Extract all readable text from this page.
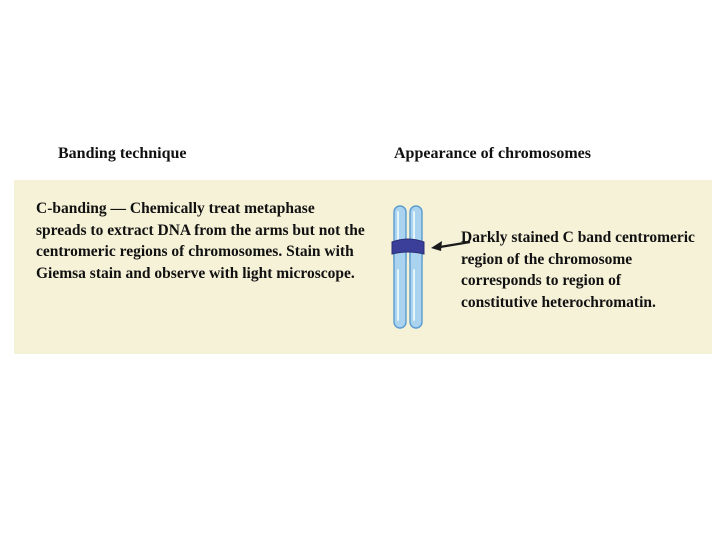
Banding technique	Appearance of chromosomes
C-banding — Chemically treat metaphase spreads to extract DNA from the arms but not the centromeric regions of chromosomes. Stain with Giemsa stain and observe with light microscope.
Darkly stained C band centromeric region of the chromosome corresponds to region of constitutive heterochromatin.
